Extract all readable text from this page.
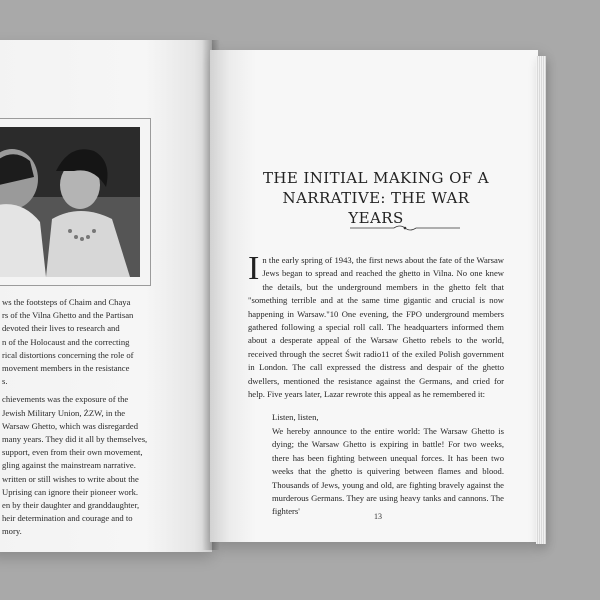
ws the footsteps of Chaim and Chaya

rs of the Vilna Ghetto and the Partisan

devoted their lives to research and

n of the Holocaust and the correcting

rical distortions concerning the role of

movement members in the resistance

s.

chievements was the exposure of the

Jewish Military Union, ŻZW, in the

Warsaw Ghetto, which was disregarded

many years. They did it all by themselves,

support, even from their own movement,

gling against the mainstream narrative.

written or still wishes to write about the

Uprising can ignore their pioneer work.

en by their daughter and granddaughter,

heir determination and courage and to

mory.

THE INITIAL MAKING OF A NARRATIVE: THE WAR YEARS

In the early spring of 1943, the first news about the fate of the Warsaw Jews began to spread and reached the ghetto in Vilna. No one knew the details, but the underground members in the ghetto felt that "something terrible and at the same time gigantic and crucial is now happening in Warsaw."10 One evening, the FPO underground members gathered following a special roll call. The headquarters informed them about a desperate appeal of the Warsaw Ghetto rebels to the world, received through the secret Świt radio11 of the exiled Polish government in London. The call expressed the distress and despair of the ghetto dwellers, mentioned the resistance against the Germans, and cried for help. Five years later, Lazar rewrote this appeal as he remembered it:

Listen, listen,

We hereby announce to the entire world: The Warsaw Ghetto is dying; the Warsaw Ghetto is expiring in battle! For two weeks, there has been fighting between unequal forces. It has been two weeks that the ghetto is quivering between flames and blood. Thousands of Jews, young and old, are fighting bravely against the murderous Germans. They are using heavy tanks and cannons. The fighters'

13
